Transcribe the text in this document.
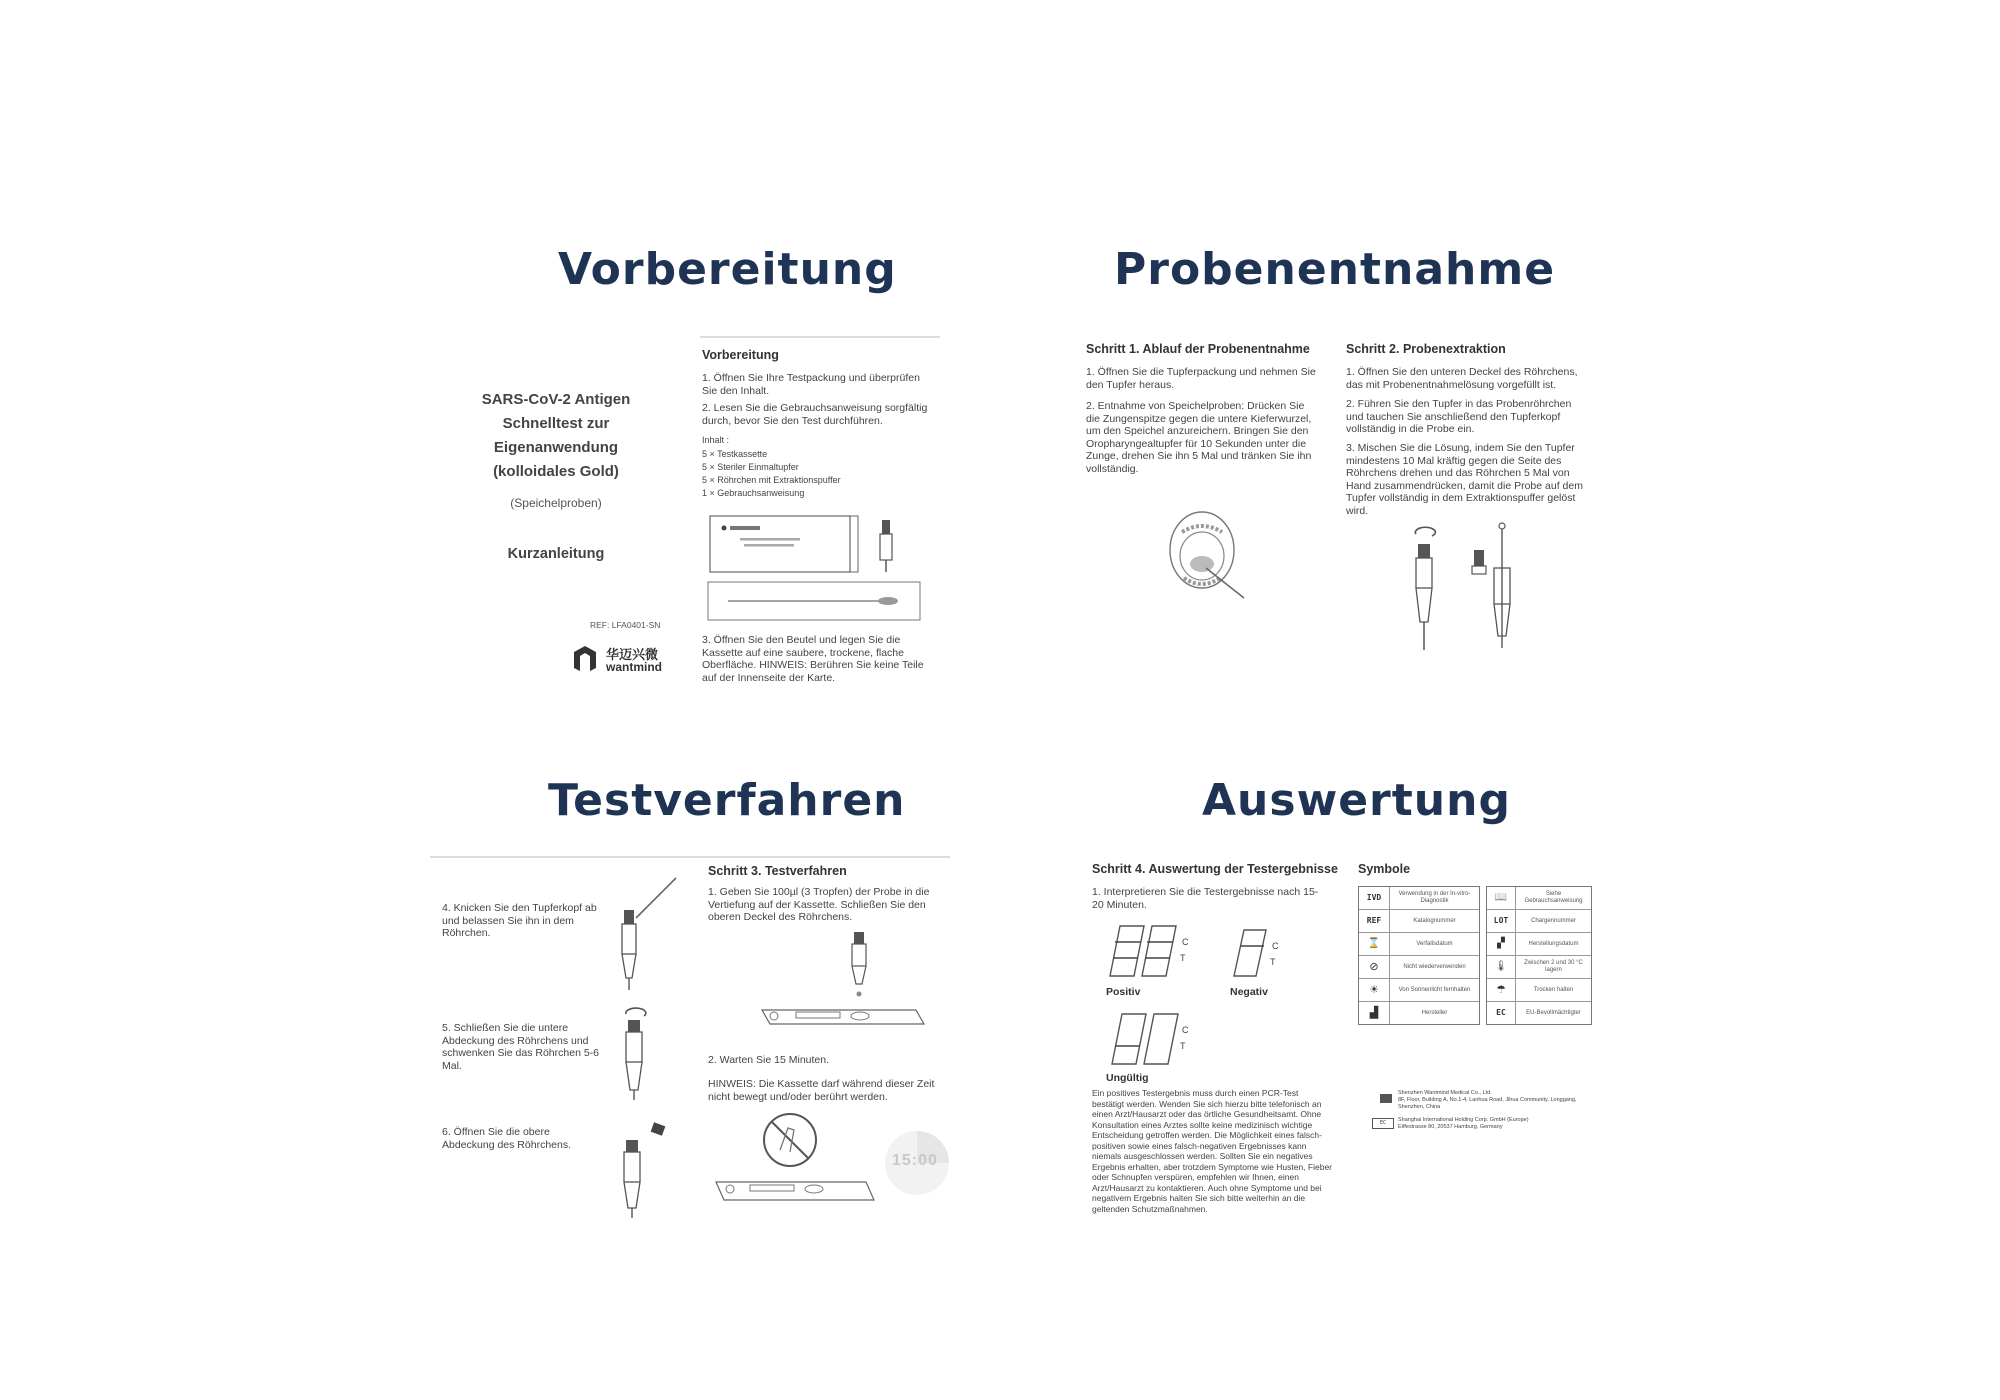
Vorbereitung	Probenentnahme
Testverfahren	Auswertung
SARS-CoV-2 Antigen
Schnelltest zur
Eigenanwendung
(kolloidales Gold)
(Speichelproben)
Kurzanleitung
REF: LFA0401-SN
华迈兴微
wantmind
Vorbereitung
1. Öffnen Sie Ihre Testpackung und überprüfen Sie den Inhalt.
2. Lesen Sie die Gebrauchsanweisung sorgfältig durch, bevor Sie den Test durchführen.
Inhalt :
5 × Testkassette
5 × Steriler Einmaltupfer
5 × Röhrchen mit Extraktionspuffer
1 × Gebrauchsanweisung
3. Öffnen Sie den Beutel und legen Sie die Kassette auf eine saubere, trockene, flache Oberfläche. HINWEIS: Berühren Sie keine Teile auf der Innenseite der Karte.
Schritt 1. Ablauf der Probenentnahme
1. Öffnen Sie die Tupferpackung und nehmen Sie den Tupfer heraus.
2. Entnahme von Speichelproben: Drücken Sie die Zungenspitze gegen die untere Kieferwurzel, um den Speichel anzureichern. Bringen Sie den Oropharyngealtupfer für 10 Sekunden unter die Zunge, drehen Sie ihn 5 Mal und tränken Sie ihn vollständig.
Schritt 2. Probenextraktion
1. Öffnen Sie den unteren Deckel des Röhrchens, das mit Probenentnahmelösung vorgefüllt ist.
2. Führen Sie den Tupfer in das Probenröhrchen und tauchen Sie anschließend den Tupferkopf vollständig in die Probe ein.
3. Mischen Sie die Lösung, indem Sie den Tupfer mindestens 10 Mal kräftig gegen die Seite des Röhrchens drehen und das Röhrchen 5 Mal von Hand zusammendrücken, damit die Probe auf dem Tupfer vollständig in dem Extraktionspuffer gelöst wird.
4. Knicken Sie den Tupferkopf ab und belassen Sie ihn in dem Röhrchen.
5. Schließen Sie die untere Abdeckung des Röhrchens und schwenken Sie das Röhrchen 5-6 Mal.
6. Öffnen Sie die obere Abdeckung des Röhrchens.
Schritt 3. Testverfahren
1. Geben Sie 100µl (3 Tropfen) der Probe in die Vertiefung auf der Kassette. Schließen Sie den oberen Deckel des Röhrchens.
2. Warten Sie 15 Minuten.
HINWEIS: Die Kassette darf während dieser Zeit nicht bewegt und/oder berührt werden.
15:00
Schritt 4. Auswertung der Testergebnisse
1. Interpretieren Sie die Testergebnisse nach 15-20 Minuten.
C
T
Positiv
C
T
Negativ
C
T
Ungültig
Ein positives Testergebnis muss durch einen PCR-Test bestätigt werden. Wenden Sie sich hierzu bitte telefonisch an einen Arzt/Hausarzt oder das örtliche Gesundheitsamt. Ohne Konsultation eines Arztes sollte keine medizinisch wichtige Entscheidung getroffen werden. Die Möglichkeit eines falsch-positiven sowie eines falsch-negativen Ergebnisses kann niemals ausgeschlossen werden. Sollten Sie ein negatives Ergebnis erhalten, aber trotzdem Symptome wie Husten, Fieber oder Schnupfen verspüren, empfehlen wir Ihnen, einen Arzt/Hausarzt zu kontaktieren. Auch ohne Symptome und bei negativem Ergebnis halten Sie sich bitte weiterhin an die geltenden Schutzmaßnahmen.
Symbole
IVD	Verwendung in der In-vitro-Diagnostik
REF	Katalognummer
⌛	Verfallsdatum
⊘	Nicht wiederverwenden
☀	Von Sonnenlicht fernhalten
▟	Hersteller
📖	Siehe Gebrauchsanweisung
LOT	Chargennummer
▞	Herstellungsdatum
🌡	Zwischen 2 und 30 °C lagern
☂	Trocken halten
EC	EU-Bevollmächtigter
Shenzhen Wantmind Medical Co., Ltd.
8F, Floor, Building A, No.1-4, Lanhua Road, Jihua Community, Longgang, Shenzhen, China
EC	Shanghai International Holding Corp. GmbH (Europe)
Eiffestrasse 80, 20537 Hamburg, Germany
